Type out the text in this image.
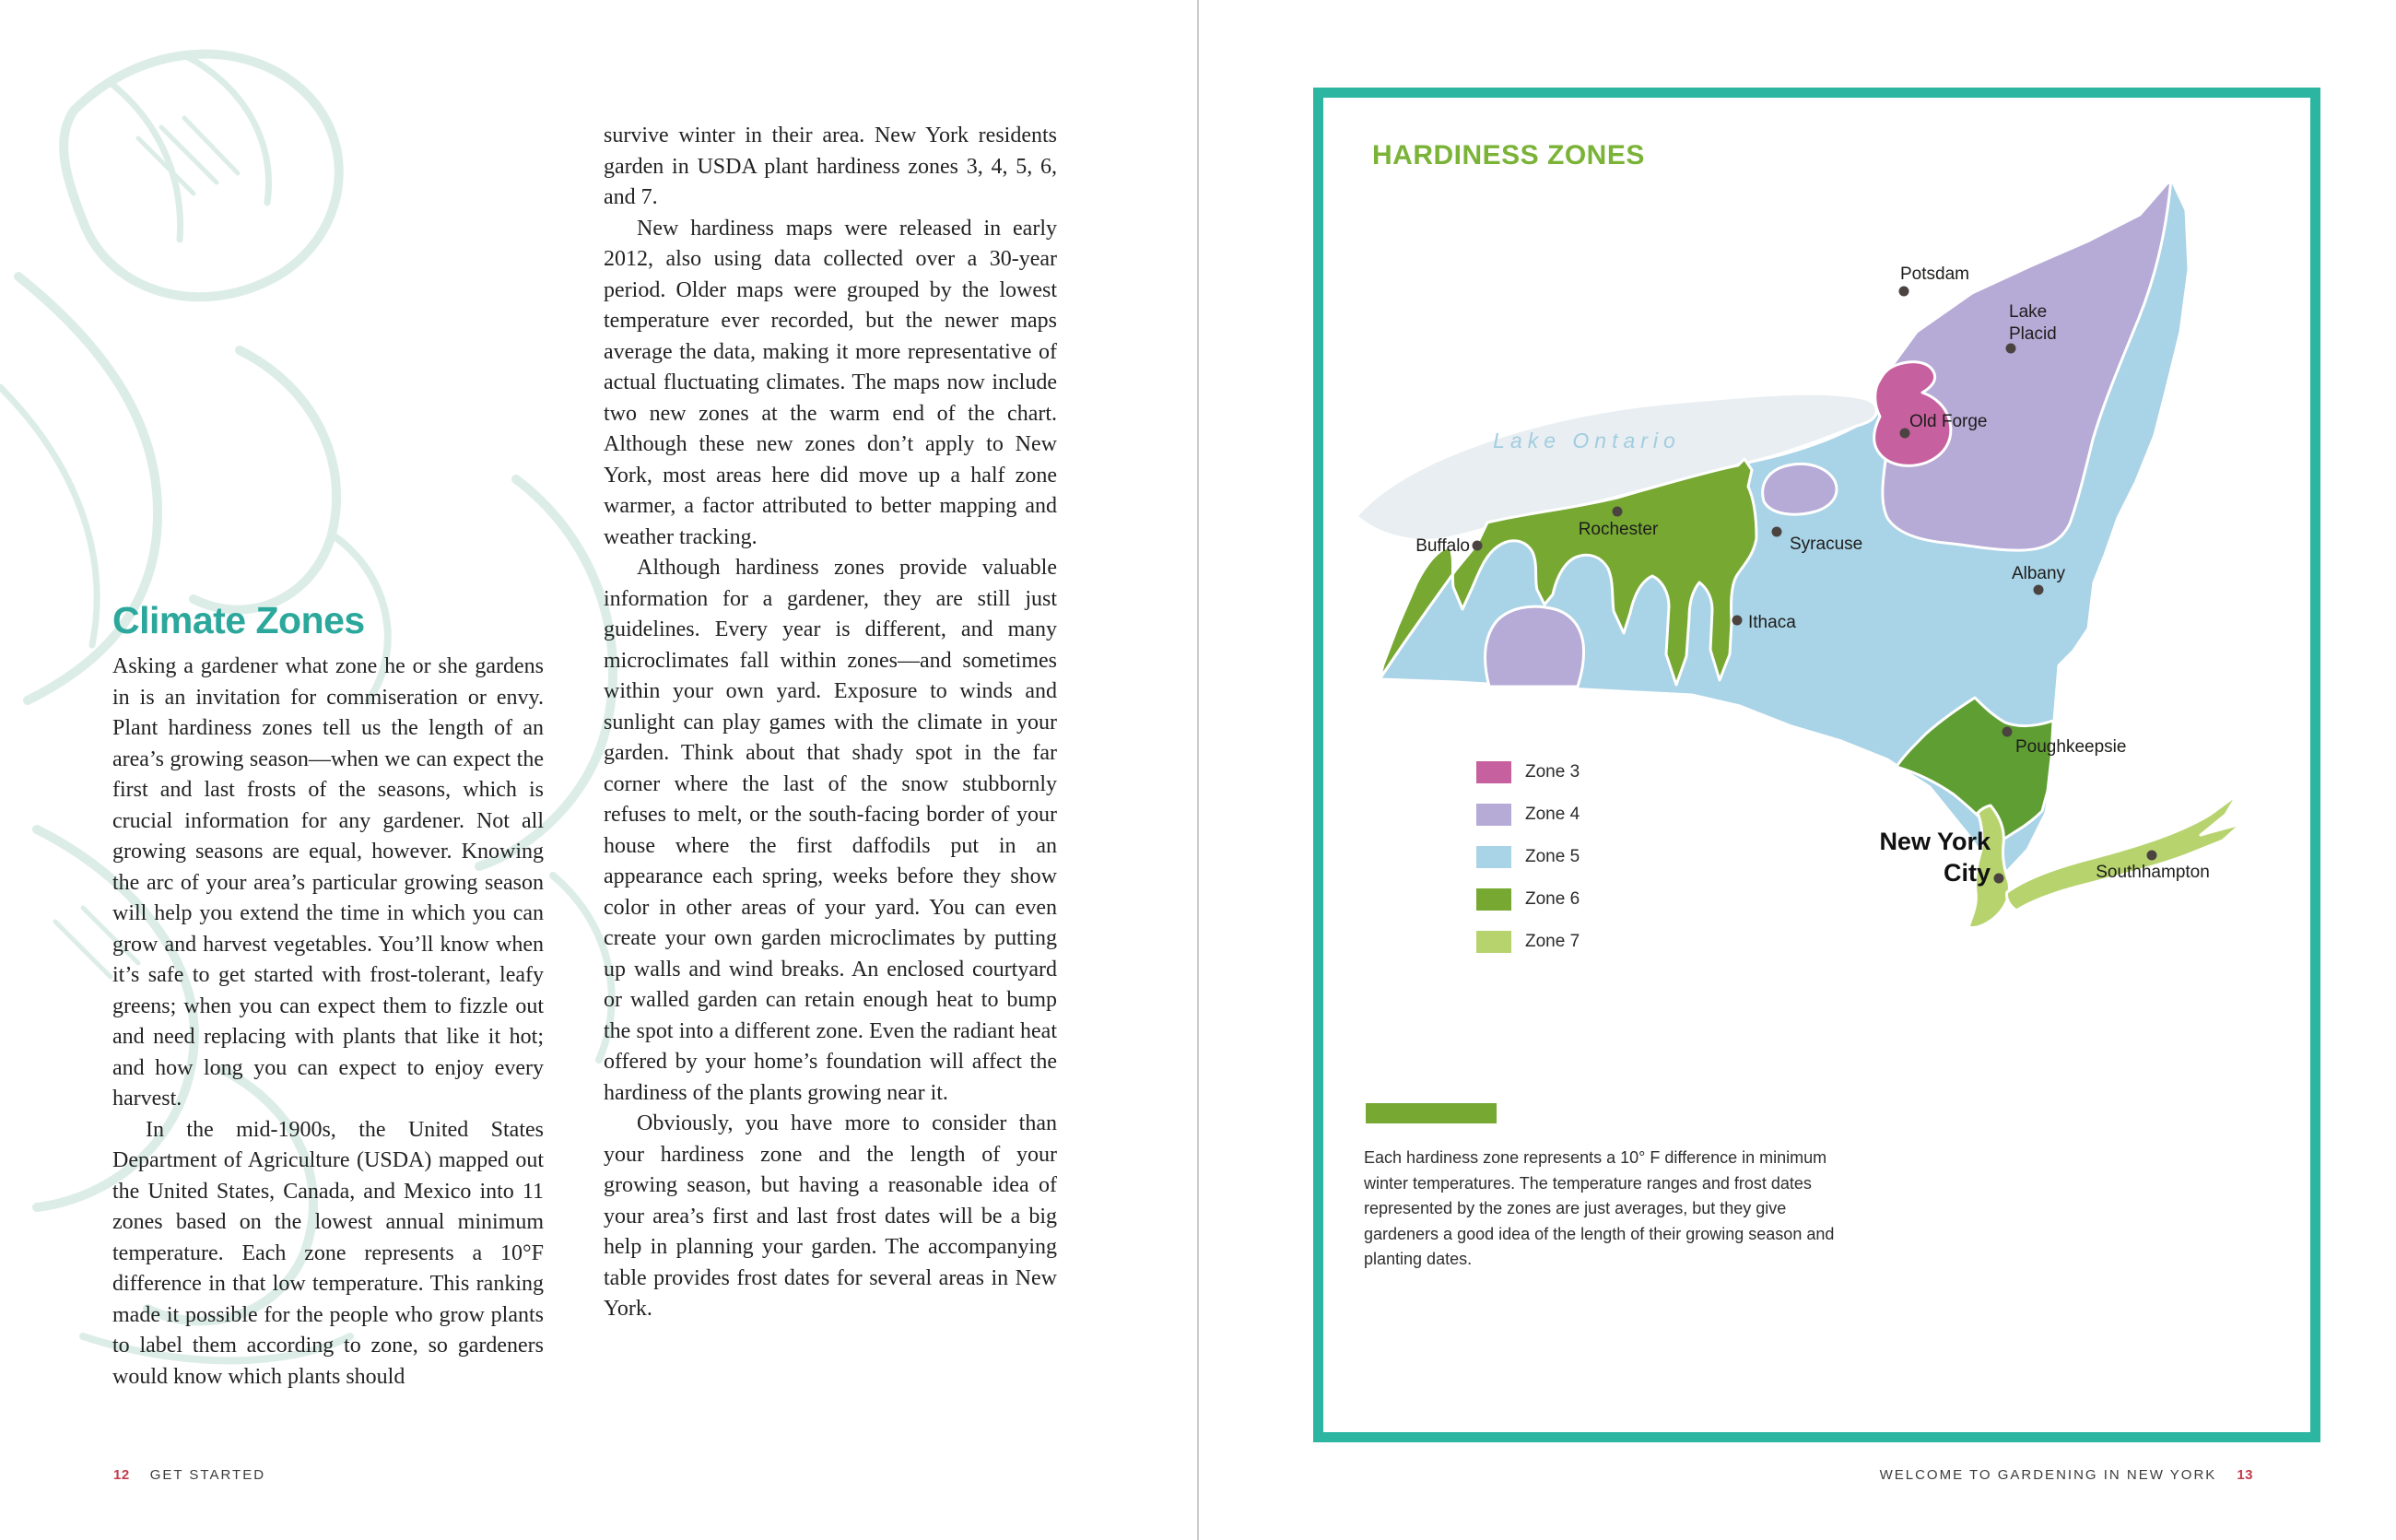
Climate Zones

Asking a gardener what zone he or she gardens in is an invitation for commiseration or envy. Plant hardiness zones tell us the length of an area’s growing season—when we can expect the first and last frosts of the seasons, which is crucial information for any gardener. Not all growing seasons are equal, however. Knowing the arc of your area’s particular growing season will help you extend the time in which you can grow and harvest vegetables. You’ll know when it’s safe to get started with frost-tolerant, leafy greens; when you can expect them to fizzle out and need replacing with plants that like it hot; and how long you can expect to enjoy every harvest.

In the mid-1900s, the United States Department of Agriculture (USDA) mapped out the United States, Canada, and Mexico into 11 zones based on the lowest annual minimum temperature. Each zone represents a 10°F difference in that low temperature. This ranking made it possible for the people who grow plants to label them according to zone, so gardeners would know which plants should

survive winter in their area. New York residents garden in USDA plant hardiness zones 3, 4, 5, 6, and 7.

New hardiness maps were released in early 2012, also using data collected over a 30-year period. Older maps were grouped by the lowest temperature ever recorded, but the newer maps average the data, making it more representative of actual fluctuating climates. The maps now include two new zones at the warm end of the chart. Although these new zones don’t apply to New York, most areas here did move up a half zone warmer, a factor attributed to better mapping and weather tracking.

Although hardiness zones provide valuable information for a gardener, they are still just guidelines. Every year is different, and many microclimates fall within zones—and sometimes within your own yard. Exposure to winds and sunlight can play games with the climate in your garden. Think about that shady spot in the far corner where the last of the snow stubbornly refuses to melt, or the south-facing border of your house where the first daffodils put in an appearance each spring, weeks before they show color in other areas of your yard. You can even create your own garden microclimates by putting up walls and wind breaks. An enclosed courtyard or walled garden can retain enough heat to bump the spot into a different zone. Even the radiant heat offered by your home’s foundation will affect the hardiness of the plants growing near it.

Obviously, you have more to consider than your hardiness zone and the length of your growing season, but having a reasonable idea of your area’s first and last frost dates will be a big help in planning your garden. The accompanying table provides frost dates for several areas in New York.

12 GET STARTED
HARDINESS ZONES
Lake Ontario
Potsdam
Lake
Placid
Old Forge
Buffalo
Rochester
Syracuse
Ithaca
Albany
Poughkeepsie
New York
City	Southhampton
Zone 3
Zone 4
Zone 5
Zone 6
Zone 7

Each hardiness zone represents a 10° F difference in minimum winter temperatures. The temperature ranges and frost dates represented by the zones are just averages, but they give gardeners a good idea of the length of their growing season and planting dates.

WELCOME TO GARDENING IN NEW YORK 13
